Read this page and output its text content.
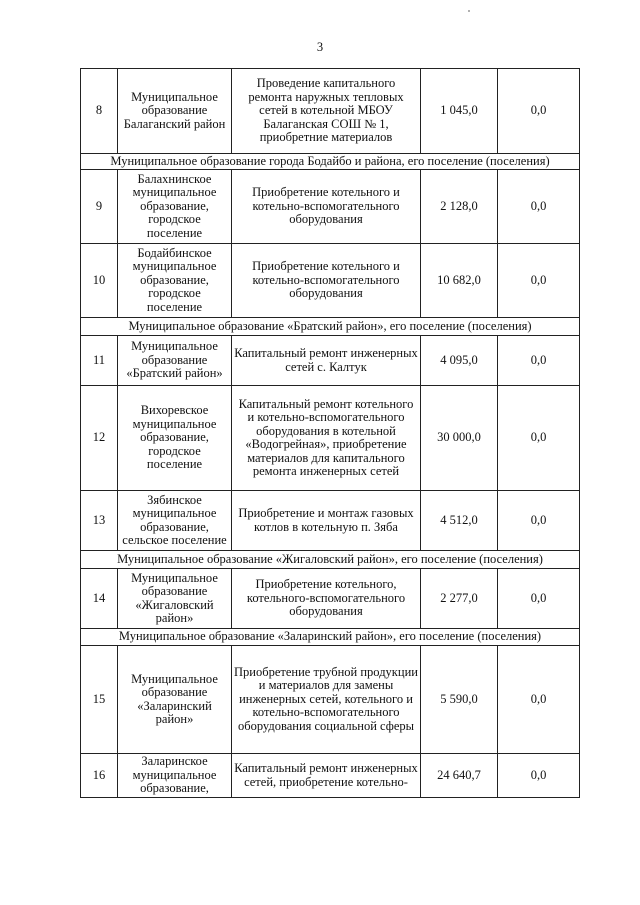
3
8	Муниципальное образование Балаганский район	Проведение капитального ремонта наружных тепловых сетей в котельной МБОУ Балаганская СОШ № 1, приобретние материалов	1 045,0	0,0
Муниципальное образование города Бодайбо и района, его поселение (поселения)				
9	Балахнинское муниципальное образование, городское поселение	Приобретение котельного и котельно-вспомогательного оборудования	2 128,0	0,0
10	Бодайбинское муниципальное образование, городское поселение	Приобретение котельного и котельно-вспомогательного оборудования	10 682,0	0,0
Муниципальное образование «Братский район», его поселение (поселения)				
11	Муниципальное образование «Братский район»	Капитальный ремонт инженерных сетей с. Калтук	4 095,0	0,0
12	Вихоревское муниципальное образование, городское поселение	Капитальный ремонт котельного и котельно-вспомогательного оборудования в котельной «Водогрейная», приобретение материалов для капитального ремонта инженерных сетей	30 000,0	0,0
13	Зябинское муниципальное образование, сельское поселение	Приобретение и монтаж газовых котлов в котельную п. Зяба	4 512,0	0,0
Муниципальное образование «Жигаловский район», его поселение (поселения)				
14	Муниципальное образование «Жигаловский район»	Приобретение котельного, котельного-вспомогательного оборудования	2 277,0	0,0
Муниципальное образование «Заларинский район», его поселение (поселения)				
15	Муниципальное образование «Заларинский район»	Приобретение трубной продукции и материалов для замены инженерных сетей, котельного и котельно-вспомогательного оборудования социальной сферы	5 590,0	0,0
16	Заларинское муниципальное образование,	Капитальный ремонт инженерных сетей, приобретение котельно-	24 640,7	0,0
